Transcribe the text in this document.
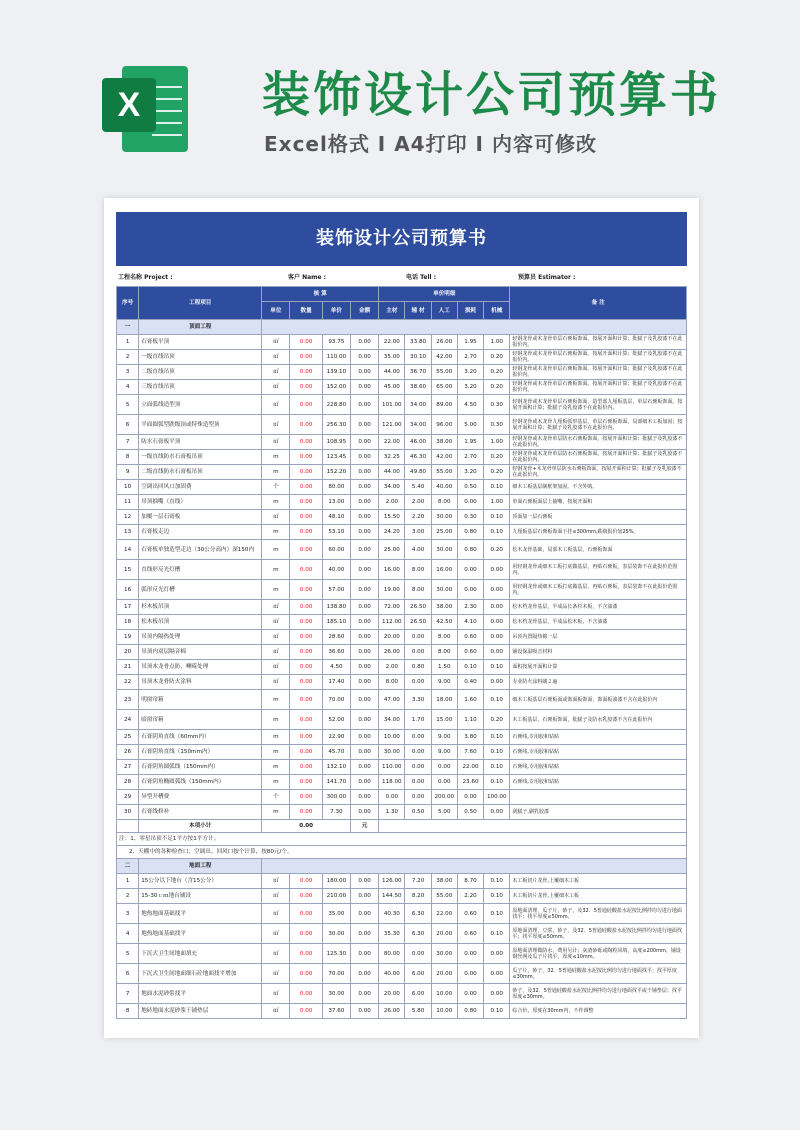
X	装饰设计公司预算书
Excel格式 I A4打印 I 内容可修改
装饰设计公司预算书
工程名称 Project :	客户 Name :	电话 Tell :	预算员 Estimator :
序号	工程项目	核 算				单价明细					备 注
		单位	数量	单价	金额	主材	辅 材	人工	损耗	机械	
一	顶面工程										
1	石膏板平顶	㎡	0.00	93.75	0.00	22.00	33.80	26.00	1.95	1.00	轻钢龙骨或木龙骨单层石膏板饰面。按展开面积计算；批腻子及乳胶漆不在此报价内。
2	一级直线吊顶	㎡	0.00	110.00	0.00	35.00	30.10	42.00	2.70	0.20	轻钢龙骨或木龙骨单层石膏板饰面。按展开面积计算；批腻子及乳胶漆不在此报价内。
3	二级直线吊顶	㎡	0.00	139.10	0.00	44.00	36.70	55.00	3.20	0.20	轻钢龙骨或木龙骨单层石膏板饰面。按展开面积计算；批腻子及乳胶漆不在此报价内。
4	三级直线吊顶	㎡	0.00	152.00	0.00	45.00	38.60	65.00	3.20	0.20	轻钢龙骨或木龙骨单层石膏板饰面。按展开面积计算；批腻子及乳胶漆不在此报价内。
5	立面弧线造型顶	㎡	0.00	228.80	0.00	101.00	34.00	89.00	4.50	0.30	轻钢龙骨或木龙骨单层石膏板饰面，造型部九厘板基层，单层石膏板饰面。按展开面积计算；批腻子及乳胶漆不在此报价内。
6	平面圆弧型跌级顶或特殊造型顶	㎡	0.00	256.30	0.00	121.00	34.00	96.00	5.00	0.30	轻钢龙骨或木龙骨九厘板弧形基层，单层石膏板饰面，局部细木工板加固；按展开面积计算；批腻子及乳胶漆不在此报价内。
7	防水石膏板平顶	㎡	0.00	108.95	0.00	22.00	46.00	38.00	1.95	1.00	轻钢龙骨或木龙骨单层防水石膏板饰面。按展开面积计算；批腻子及乳胶漆不在此报价内。
8	一级直线防水石膏板吊顶	m	0.00	123.45	0.00	32.25	46.30	42.00	2.70	0.20	轻钢龙骨或木龙骨单层防水石膏板饰面。按展开面积计算；批腻子及乳胶漆不在此报价内。
9	二级直线防水石膏板吊顶	m	0.00	152.20	0.00	44.00	49.80	55.00	3.20	0.20	轻钢龙骨+木龙骨单层防水石膏板饰面。按展开面积计算；批腻子及乳胶漆不在此报价内。
10	空调出回风口加固费	个	0.00	80.00	0.00	34.00	5.40	40.00	0.50	0.10	细木工板基层制框架加固。不含外购。
11	吊顶抽嘴（直线）	m	0.00	13.00	0.00	2.00	2.00	8.00	0.00	1.00	单面石膏板面层上抽嘴，按展开面积
12	加覆一层石膏板	㎡	0.00	48.10	0.00	15.50	2.20	30.00	0.30	0.10	顶面加一层石膏板
13	石膏板走边	m	0.00	53.10	0.00	24.20	3.00	25.00	0.80	0.10	九厘板基层石膏板饰面下挂≤300mm,跌级报价加25%。
14	石膏板单独造型走边（30公分高内）深150内	m	0.00	60.00	0.00	25.00	4.00	30.00	0.80	0.20	松木龙骨基础，局部木工板基层，石膏板饰面
15	直线形反光灯槽	m	0.00	40.00	0.00	16.00	8.00	16.00	0.00	0.00	用轻钢龙骨或细木工板打底做基层，再贴石膏板，表层装饰不在此报价范围内。
16	弧形反光灯槽	m	0.00	57.00	0.00	19.00	8.00	30.00	0.00	0.00	用轻钢龙骨或细木工板打底做基层，再贴石膏板，表层装饰不在此报价范围内。
17	杉木板吊顶	㎡	0.00	138.80	0.00	72.00	26.50	38.00	2.30	0.00	松木档龙骨基层，半成品长条杉木板，不含油漆
18	松木板吊顶	㎡	0.00	185.10	0.00	112.00	26.50	42.50	4.10	0.00	松木档龙骨基层，半成品松木板，不含油漆
19	吊顶内隔热处理	㎡	0.00	28.60	0.00	20.00	0.00	8.00	0.60	0.00	吊顶内置隔热棉一层
20	吊顶内双层隔音棉	㎡	0.00	36.60	0.00	26.00	0.00	8.00	0.60	0.00	铺设保温吸音材料
21	吊顶木龙骨点防、嗮霉处理	㎡	0.00	4.50	0.00	2.00	0.80	1.50	0.10	0.10	面积按展开面积计算
22	吊顶木龙骨防火涂料	㎡	0.00	17.40	0.00	8.00	0.00	9.00	0.40	0.00	专业防火涂料刷２遍
23	明窗帘箱	m	0.00	70.00	0.00	47.00	3.30	18.00	1.60	0.10	细木工板基层石膏板面或饰面板饰面，饰面板油漆不含在此报价内
24	暗窗帘箱	m	0.00	52.00	0.00	34.00	1.70	15.00	1.10	0.20	木工板基层，石膏板饰面，批腻子及防水乳胶漆不含在此报价内
25	石膏阴角直线（60mm内）	m	0.00	22.90	0.00	10.00	0.00	9.00	3.80	0.10	石膏线,专用胶和钻贴
26	石膏阴角直线（150mm内）	m	0.00	45.70	0.00	30.00	0.00	9.00	7.60	0.10	石膏线,专用胶和钻贴
27	石膏阴角圆弧线（150mm内）	m	0.00	132.10	0.00	110.00	0.00	0.00	22.00	0.10	石膏线,专用胶和钻贴
28	石膏阴角椭圆弧线（150mm内）	m	0.00	141.70	0.00	118.00	0.00	0.00	23.60	0.10	石膏线,专用胶和钻贴
29	异型开槽费	个	0.00	300.00	0.00	0.00	0.00	200.00	0.00	100.00	
30	石膏线修补	m	0.00	7.30	0.00	1.30	0.50	5.00	0.50	0.00	刮腻子,刷乳胶漆
	本项小计	0.00			元						
注：1、零星吊顶不足1平方按1平方计；											
2、天棚中的各种检查口、空调出、回风口按个计算，按80元/个。											
二	地面工程										
1	15公分以下地台（含15公分）	㎡	0.00	180.00	0.00	126.00	7.20	38.00	8.70	0.10	木工板切片龙骨,上覆细木工板
2	15-30ｃｍ地台铺设	㎡	0.00	210.00	0.00	144.50	8.20	55.00	2.20	0.10	木工板切片龙骨,上覆细木工板
3	地热地面基础找平	㎡	0.00	35.00	0.00	40.30	6.30	22.00	0.60	0.10	原地面清理，瓜子片，砂子，及32．5普通硅酸盐水泥按比例拌均匀进行地面找平；找平厚度≤50mm。
4	地热地面基础找平	㎡	0.00	30.00	0.00	35.30	6.30	20.00	0.60	0.10	原地面清理，豆浆，砂子，及32．5普通硅酸盐水泥按比例拌均匀进行地面找平；找平厚度≤50mm。
5	下沉式卫生间地面填充	㎡	0.00	125.30	0.00	80.00	0.00	30.00	0.00	0.00	原地面清理做防水，费用另计；灰渣砂砾或陶粒回填，高度≤200mm，铺设钢丝网及瓜子片找平，厚度≤10mm。
6	下沉式卫生间地面细石砼地面找平增加	㎡	0.00	70.00	0.00	40.00	6.00	20.00	0.00	0.00	瓜子片，砂子，32．5普通硅酸盐水泥按比例均匀进行地面找平；找平厚度≤30mm。
7	地面水泥砂浆找平	㎡	0.00	30.00	0.00	20.00	6.00	10.00	0.00	0.00	砂子，及32．5普通硅酸盐水泥按比例拌均匀进行地面找平或干铺垫层；找平厚度≤30mm。
8	地砖地面水泥砂浆干铺垫层	㎡	0.00	37.60	0.00	26.00	5.80	10.00	0.80	0.10	综合价，厚度在30mm内，不作调整
